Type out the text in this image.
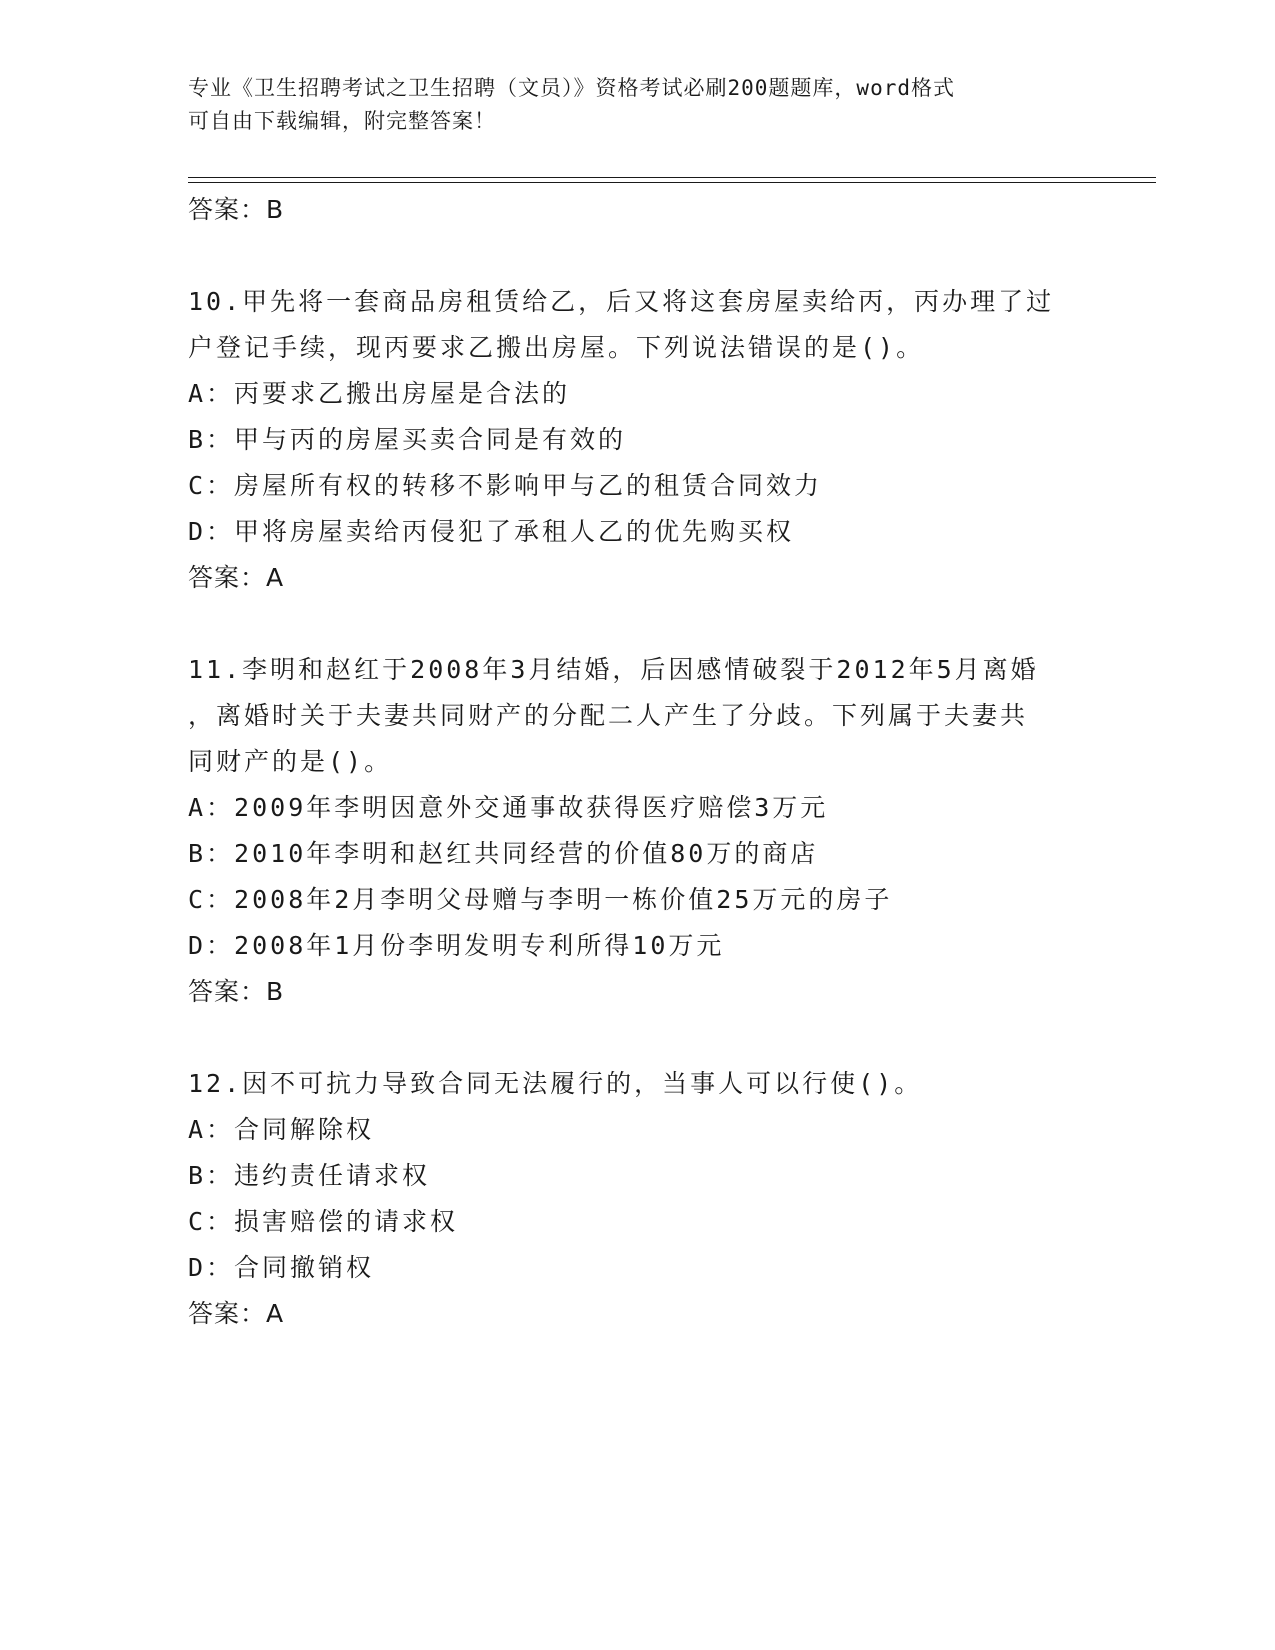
专业《卫生招聘考试之卫生招聘（文员）》资格考试必刷200题题库，word格式
可自由下载编辑，附完整答案！
答案：B
10.甲先将一套商品房租赁给乙，后又将这套房屋卖给丙，丙办理了过
户登记手续，现丙要求乙搬出房屋。下列说法错误的是()。
A：丙要求乙搬出房屋是合法的
B：甲与丙的房屋买卖合同是有效的
C：房屋所有权的转移不影响甲与乙的租赁合同效力
D：甲将房屋卖给丙侵犯了承租人乙的优先购买权
答案：A
11.李明和赵红于2008年3月结婚，后因感情破裂于2012年5月离婚
，离婚时关于夫妻共同财产的分配二人产生了分歧。下列属于夫妻共
同财产的是()。
A：2009年李明因意外交通事故获得医疗赔偿3万元
B：2010年李明和赵红共同经营的价值80万的商店
C：2008年2月李明父母赠与李明一栋价值25万元的房子
D：2008年1月份李明发明专利所得10万元
答案：B
12.因不可抗力导致合同无法履行的，当事人可以行使()。
A：合同解除权
B：违约责任请求权
C：损害赔偿的请求权
D：合同撤销权
答案：A
